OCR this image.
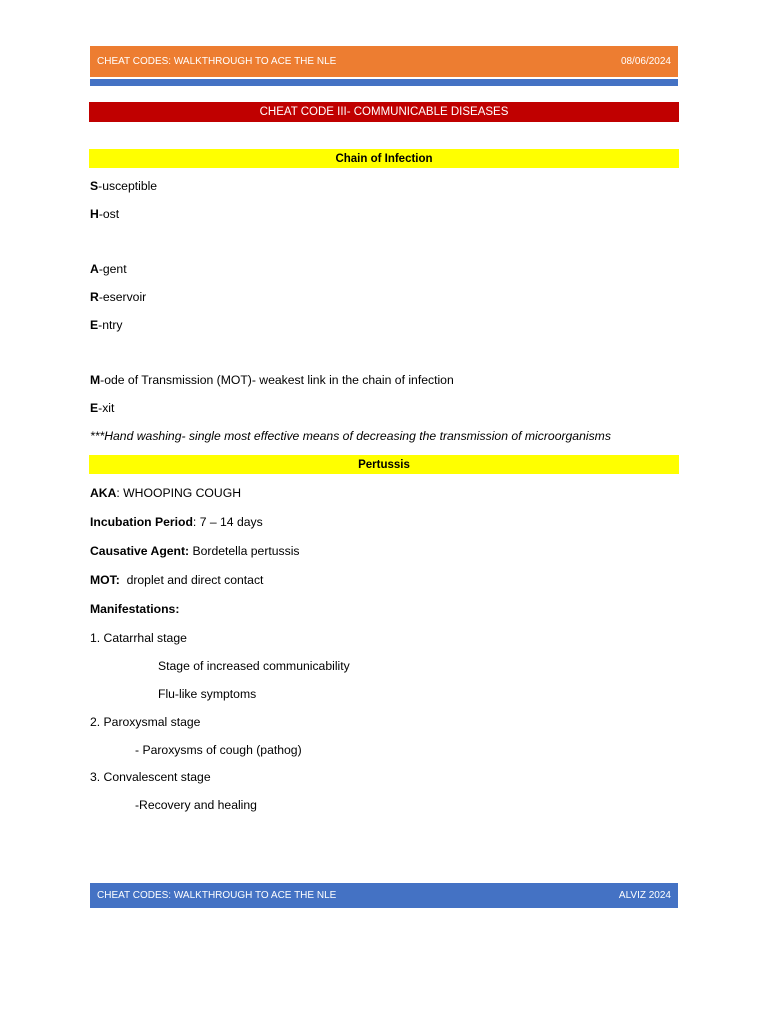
CHEAT CODES: WALKTHROUGH TO ACE THE NLE	08/06/2024
CHEAT CODE III- COMMUNICABLE DISEASES
Chain of Infection
S-usceptible
H-ost
A-gent
R-eservoir
E-ntry
M-ode of Transmission (MOT)- weakest link in the chain of infection
E-xit
***Hand washing- single most effective means of decreasing the transmission of microorganisms
Pertussis
AKA: WHOOPING COUGH
Incubation Period: 7 – 14 days
Causative Agent: Bordetella pertussis
MOT:  droplet and direct contact
Manifestations:
1. Catarrhal stage
Stage of increased communicability
Flu-like symptoms
2. Paroxysmal stage
- Paroxysms of cough (pathog)
3. Convalescent stage
-Recovery and healing
CHEAT CODES: WALKTHROUGH TO ACE THE NLE	ALVIZ 2024
